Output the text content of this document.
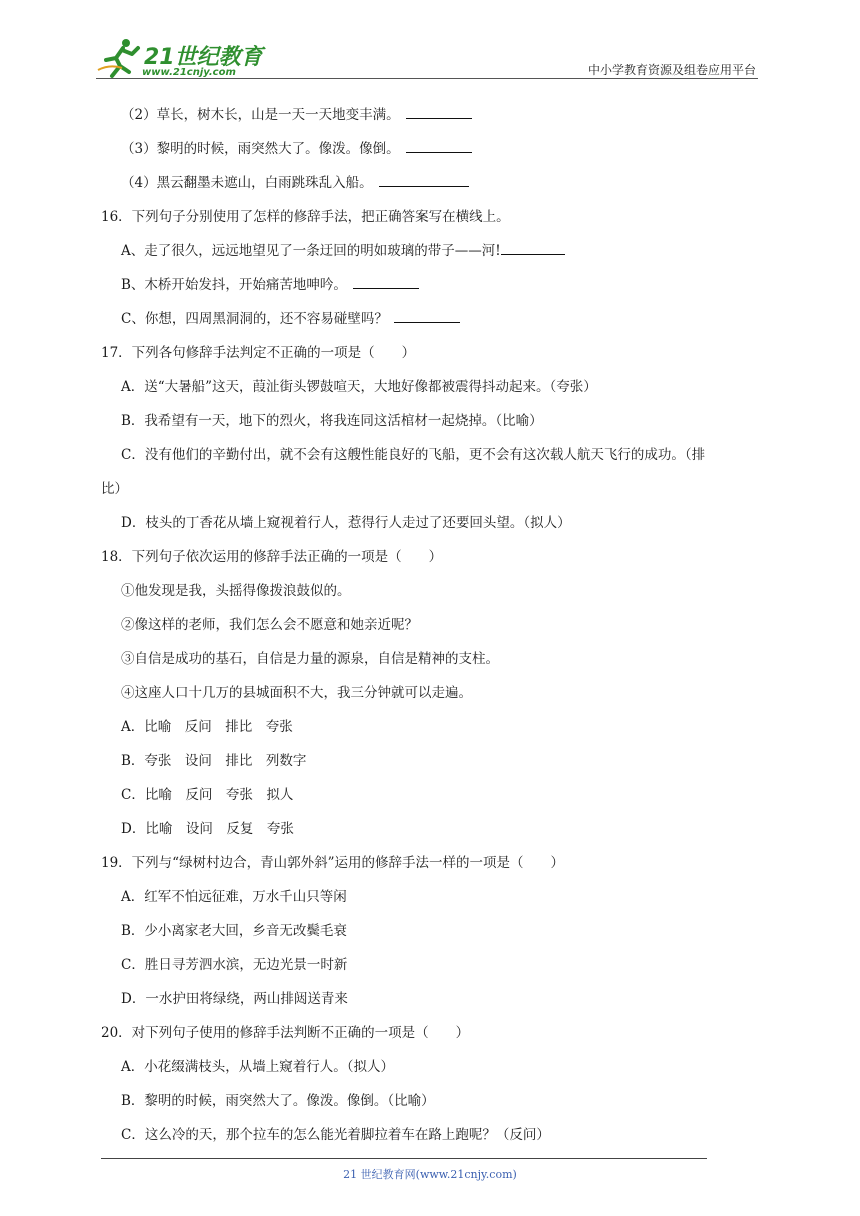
21世纪教育
www.21cnjy.com	中小学教育资源及组卷应用平台
（2）草长，树木长，山是一天一天地变丰满。
（3）黎明的时候，雨突然大了。像泼。像倒。
（4）黑云翻墨未遮山，白雨跳珠乱入船。
16．下列句子分别使用了怎样的修辞手法，把正确答案写在横线上。
A、走了很久，远远地望见了一条迂回的明如玻璃的带子——河!
B、木桥开始发抖，开始痛苦地呻吟。
C、你想，四周黑洞洞的，还不容易碰壁吗？
17．下列各句修辞手法判定不正确的一项是（　　）
A．送“大暑船”这天，葭沚街头锣鼓喧天，大地好像都被震得抖动起来。（夸张）
B．我希望有一天，地下的烈火，将我连同这活棺材一起烧掉。（比喻）
C．没有他们的辛勤付出，就不会有这艘性能良好的飞船，更不会有这次载人航天飞行的成功。（排
比）
D．枝头的丁香花从墙上窥视着行人，惹得行人走过了还要回头望。（拟人）
18．下列句子依次运用的修辞手法正确的一项是（　　）
①他发现是我，头摇得像拨浪鼓似的。
②像这样的老师，我们怎么会不愿意和她亲近呢？
③自信是成功的基石，自信是力量的源泉，自信是精神的支柱。
④这座人口十几万的县城面积不大，我三分钟就可以走遍。
A．比喻　反问　排比　夸张
B．夸张　设问　排比　列数字
C．比喻　反问　夸张　拟人
D．比喻　设问　反复　夸张
19．下列与“绿树村边合，青山郭外斜”运用的修辞手法一样的一项是（　　）
A．红军不怕远征难，万水千山只等闲
B．少小离家老大回，乡音无改鬓毛衰
C．胜日寻芳泗水滨，无边光景一时新
D．一水护田将绿绕，两山排闼送青来
20．对下列句子使用的修辞手法判断不正确的一项是（　　）
A．小花缀满枝头，从墙上窥着行人。（拟人）
B．黎明的时候，雨突然大了。像泼。像倒。（比喻）
C．这么冷的天，那个拉车的怎么能光着脚拉着车在路上跑呢？（反问）
21 世纪教育网(www.21cnjy.com)
